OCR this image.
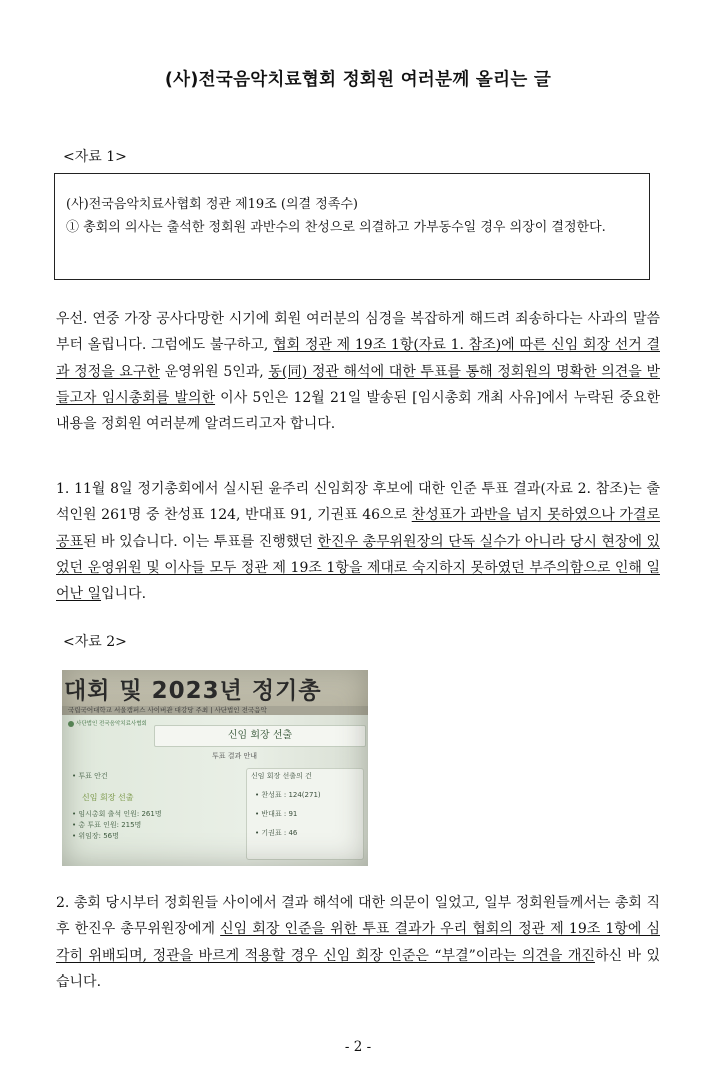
(사)전국음악치료협회 정회원 여러분께 올리는 글
<자료 1>

(사)전국음악치료사협회 정관 제19조 (의결 정족수)

① 총회의 의사는 출석한 정회원 과반수의 찬성으로 의결하고 가부동수일 경우 의장이 결정한다.

우선. 연중 가장 공사다망한 시기에 회원 여러분의 심경을 복잡하게 해드려 죄송하다는 사과의 말씀부터 올립니다. 그럼에도 불구하고, 협회 정관 제 19조 1항(자료 1. 참조)에 따른 신임 회장 선거 결과 정정을 요구한 운영위원 5인과, 동(同) 정관 해석에 대한 투표를 통해 정회원의 명확한 의견을 받들고자 임시총회를 발의한 이사 5인은 12월 21일 발송된 [임시총회 개최 사유]에서 누락된 중요한 내용을 정회원 여러분께 알려드리고자 합니다.

1. 11월 8일 정기총회에서 실시된 윤주리 신임회장 후보에 대한 인준 투표 결과(자료 2. 참조)는 출석인원 261명 중 찬성표 124, 반대표 91, 기권표 46으로 찬성표가 과반을 넘지 못하였으나 가결로 공표된 바 있습니다. 이는 투표를 진행했던 한진우 총무위원장의 단독 실수가 아니라 당시 현장에 있었던 운영위원 및 이사들 모두 정관 제 19조 1항을 제대로 숙지하지 못하였던 부주의함으로 인해 일어난 일입니다.

<자료 2>
대회 및 2023년 정기총
국립국어대학교 서울캠퍼스 사이버관 대강당 주최 | 사단법인 전국음악
사단법인 전국음악치료사협회
신임 회장 선출
투표 결과 안내
• 투표 안건
신임 회장 선출
• 임시총회 출석 인원: 261명
• 총 투표 인원: 215명
• 위임장: 56명
신임 회장 선출의 건
• 찬성표 : 124(271)
• 반대표 : 91
• 기권표 : 46

2. 총회 당시부터 정회원들 사이에서 결과 해석에 대한 의문이 일었고, 일부 정회원들께서는 총회 직후 한진우 총무위원장에게 신임 회장 인준을 위한 투표 결과가 우리 협회의 정관 제 19조 1항에 심각히 위배되며, 정관을 바르게 적용할 경우 신임 회장 인준은 “부결”이라는 의견을 개진하신 바 있습니다.

- 2 -
